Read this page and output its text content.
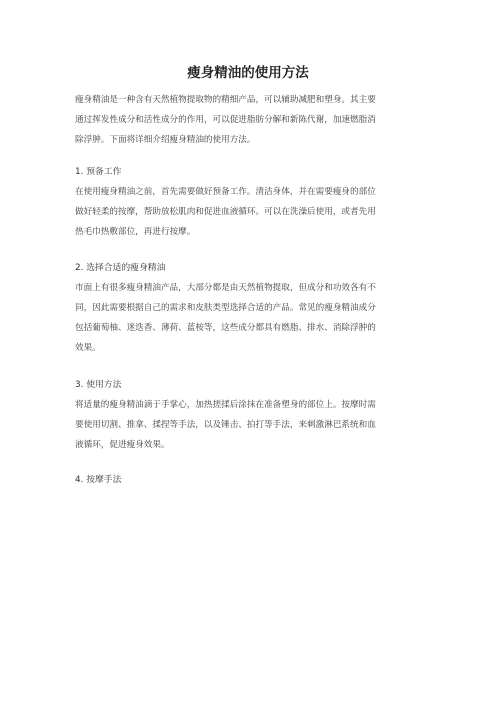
瘦身精油的使用方法
瘦身精油是一种含有天然植物提取物的精细产品，可以辅助减肥和塑身。其主要
通过挥发性成分和活性成分的作用，可以促进脂肪分解和新陈代谢，加速燃脂消
除浮肿。下面将详细介绍瘦身精油的使用方法。
1. 预备工作
在使用瘦身精油之前，首先需要做好预备工作。清洁身体，并在需要瘦身的部位
做好轻柔的按摩，帮助放松肌肉和促进血液循环。可以在洗澡后使用，或者先用
热毛巾热敷部位，再进行按摩。
2. 选择合适的瘦身精油
市面上有很多瘦身精油产品，大部分都是由天然植物提取，但成分和功效各有不
同，因此需要根据自己的需求和皮肤类型选择合适的产品。常见的瘦身精油成分
包括葡萄柚、迷迭香、薄荷、蓝桉等，这些成分都具有燃脂、排水、消除浮肿的
效果。
3. 使用方法
将适量的瘦身精油滴于手掌心，加热搓揉后涂抹在准备塑身的部位上。按摩时需
要使用切割、推拿、揉捏等手法，以及锤击、拍打等手法，来刺激淋巴系统和血
液循环，促进瘦身效果。
4. 按摩手法
